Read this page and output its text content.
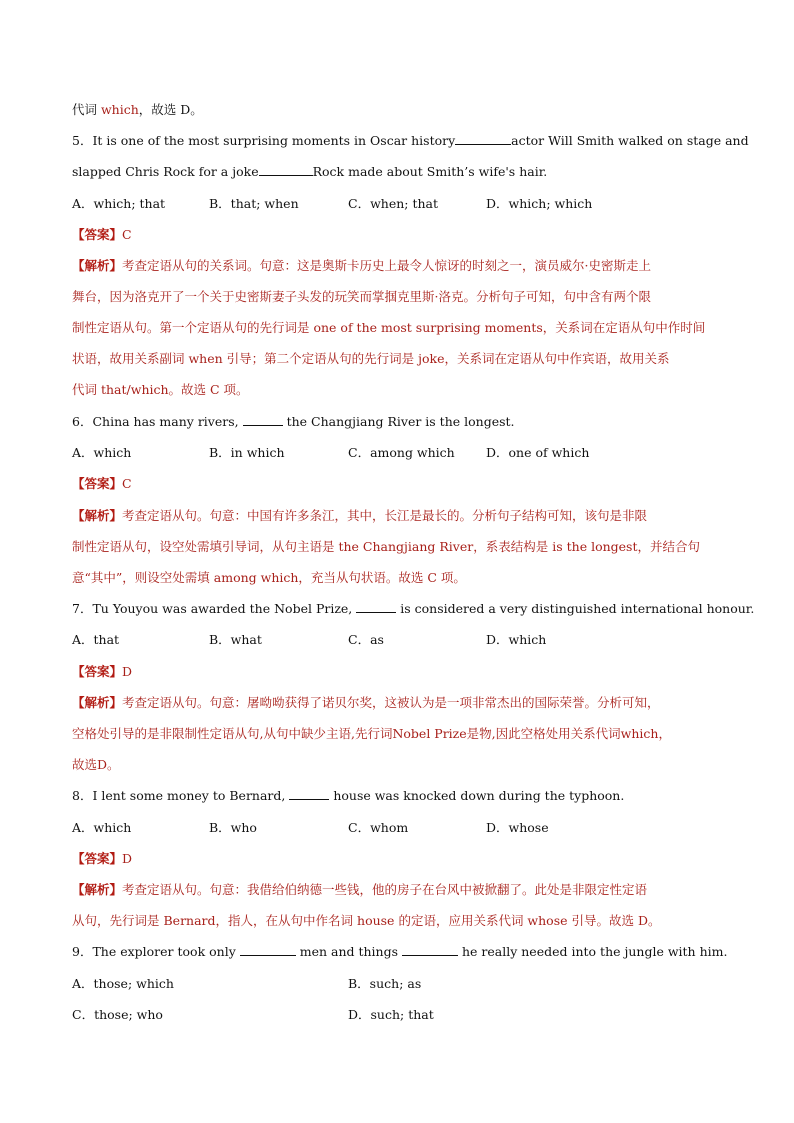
代词 which，故选 D。
5．It is one of the most surprising moments in Oscar history	actor Will Smith walked on stage and
slapped Chris Rock for a joke	Rock made about Smith’s wife's hair.
A．which; that	B．that; when	C．when; that	D．which; which
【答案】C
【解析】考查定语从句的关系词。句意：这是奥斯卡历史上最令人惊讶的时刻之一，演员威尔·史密斯走上
舞台，因为洛克开了一个关于史密斯妻子头发的玩笑而掌掴克里斯·洛克。分析句子可知，句中含有两个限
制性定语从句。第一个定语从句的先行词是 one of the most surprising moments，关系词在定语从句中作时间
状语，故用关系副词 when 引导；第二个定语从句的先行词是 joke，关系词在定语从句中作宾语，故用关系
代词 that/which。故选 C 项。
6．China has many rivers,	the Changjiang River is the longest.
A．which	B．in which	C．among which	D．one of which
【答案】C
【解析】考查定语从句。句意：中国有许多条江，其中，长江是最长的。分析句子结构可知，该句是非限
制性定语从句，设空处需填引导词，从句主语是 the Changjiang River，系表结构是 is the longest，并结合句
意“其中”，则设空处需填 among which，充当从句状语。故选 C 项。
7．Tu Youyou was awarded the Nobel Prize,	is considered a very distinguished international honour.
A．that	B．what	C．as	D．which
【答案】D
【解析】考查定语从句。句意：屠呦呦获得了诺贝尔奖，这被认为是一项非常杰出的国际荣誉。分析可知，
空格处引导的是非限制性定语从句,从句中缺少主语,先行词Nobel Prize是物,因此空格处用关系代词which，
故选D。
8．I lent some money to Bernard,	house was knocked down during the typhoon.
A．which	B．who	C．whom	D．whose
【答案】D
【解析】考查定语从句。句意：我借给伯纳德一些钱，他的房子在台风中被掀翻了。此处是非限定性定语
从句，先行词是 Bernard，指人，在从句中作名词 house 的定语，应用关系代词 whose 引导。故选 D。
9．The explorer took only	men and things	he really needed into the jungle with him.
A．those; which	B．such; as
C．those; who	D．such; that
